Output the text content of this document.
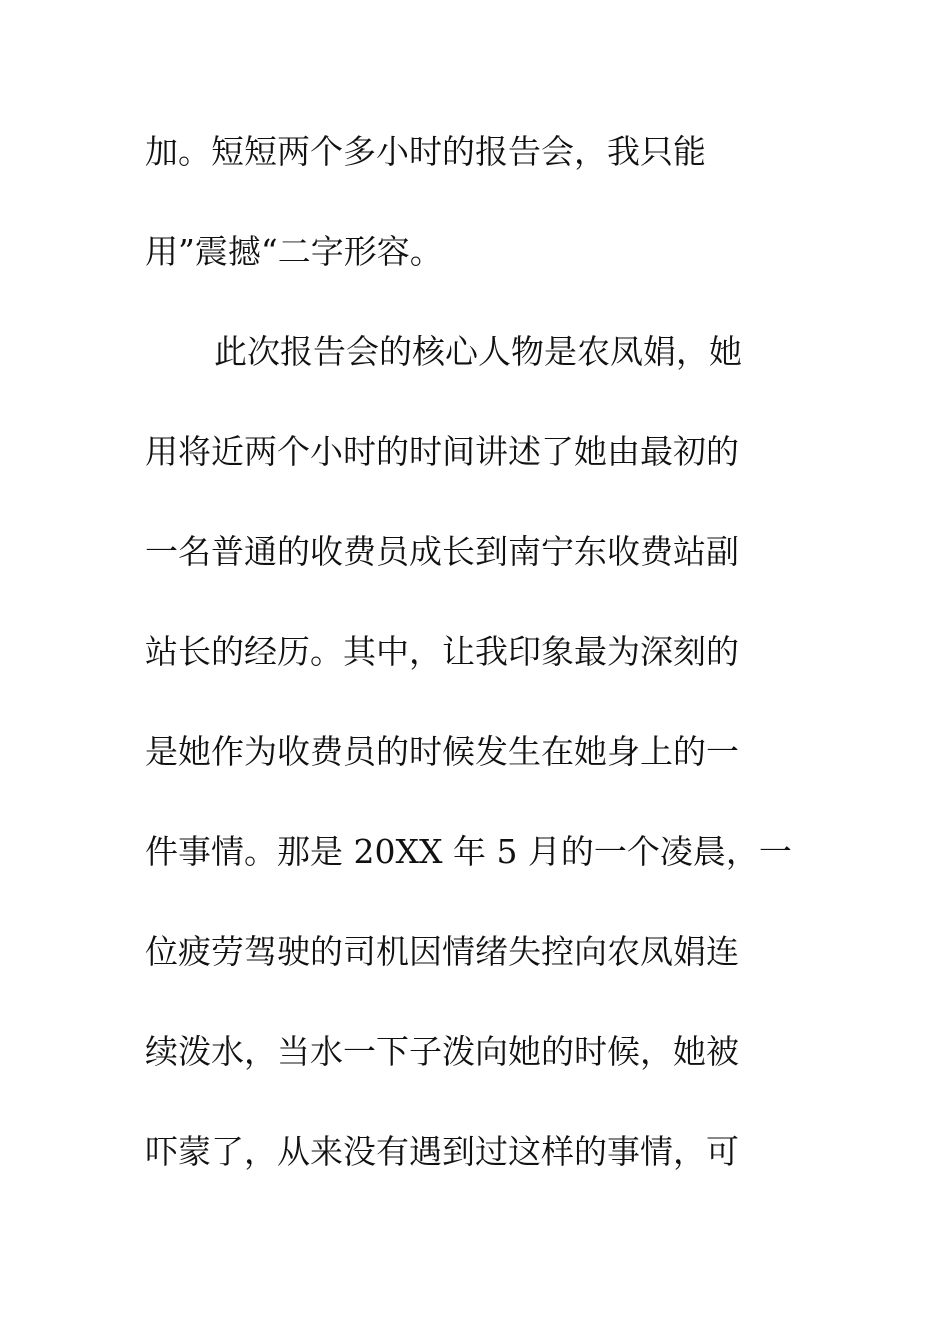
加。短短两个多小时的报告会，我只能
用”震撼“二字形容。
此次报告会的核心人物是农凤娟，她
用将近两个小时的时间讲述了她由最初的
一名普通的收费员成长到南宁东收费站副
站长的经历。其中，让我印象最为深刻的
是她作为收费员的时候发生在她身上的一
件事情。那是 20XX 年 5 月的一个凌晨，一
位疲劳驾驶的司机因情绪失控向农凤娟连
续泼水，当水一下子泼向她的时候，她被
吓蒙了，从来没有遇到过这样的事情，可
